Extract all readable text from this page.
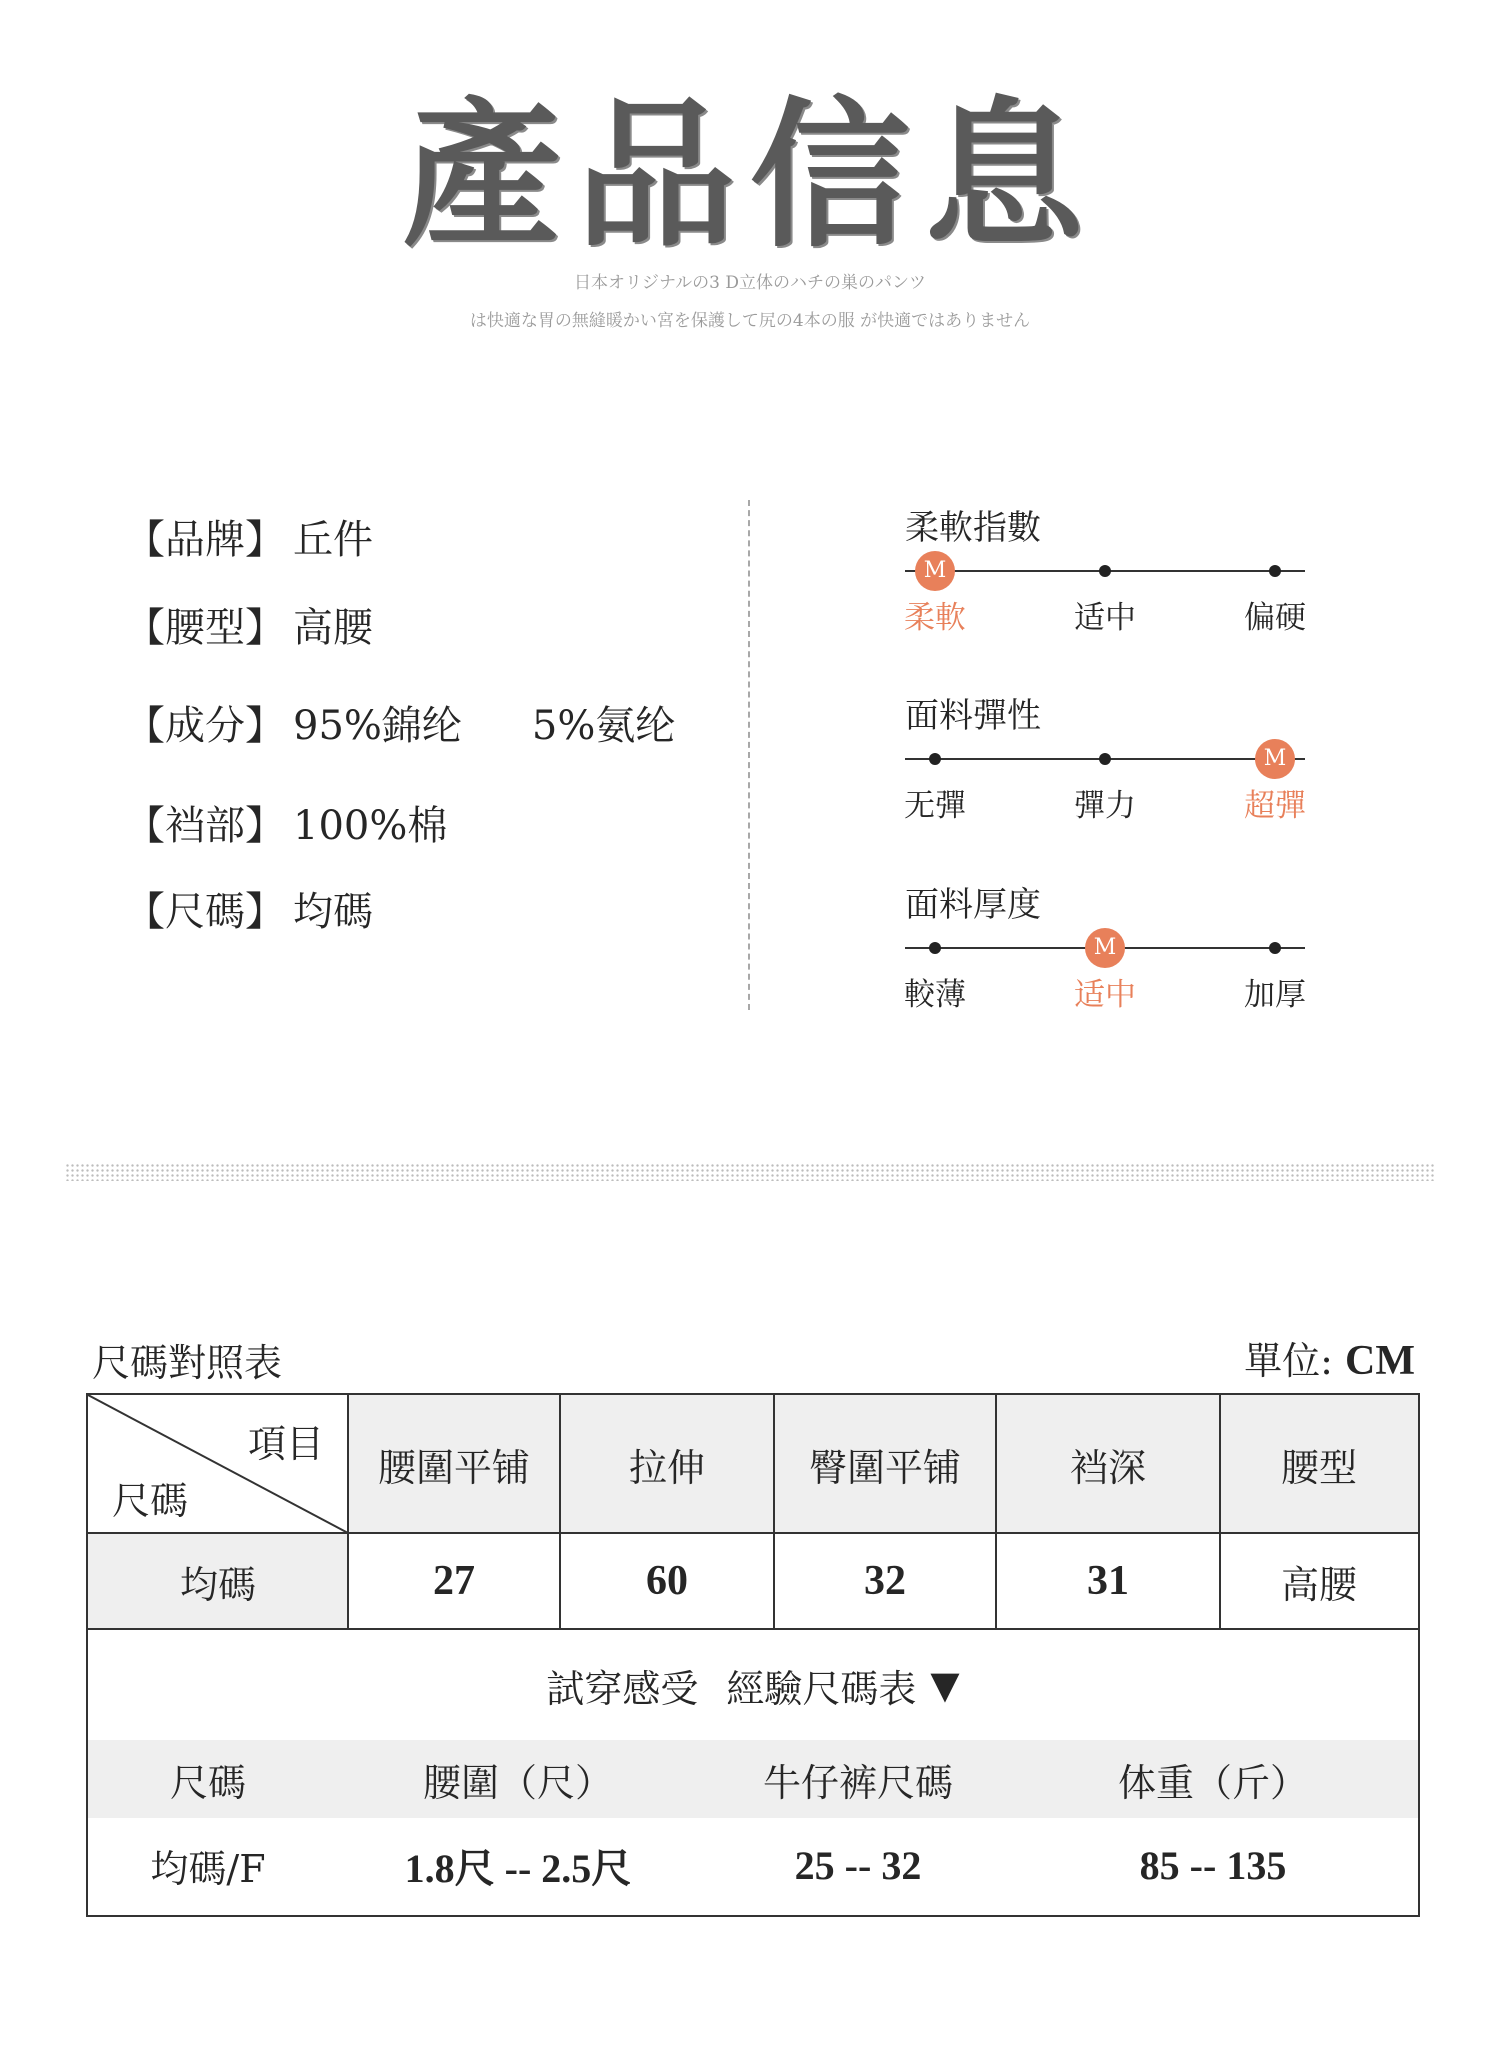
產品信息
日本オリジナルの3 D立体のハチの巣のパンツ
は快適な胃の無縫暖かい宮を保護して尻の4本の服 が快適ではありません
【品牌】 丘件
【腰型】 高腰
【成分】 95%錦纶 5%氨纶
【裆部】 100%棉
【尺碼】 均碼
柔軟指數
M
柔軟	适中	偏硬
面料彈性
无彈	彈力
M
超彈
面料厚度
較薄
M
适中	加厚
尺碼對照表	單位: CM
項目
尺碼
腰圍平铺	拉伸	臀圍平铺	裆深	腰型
均碼	27	60	32	31	高腰
試穿感受 經驗尺碼表 ▼
尺碼	腰圍（尺）	牛仔裤尺碼	体重（斤）
均碼/F	1.8尺 -- 2.5尺	25 -- 32	85 -- 135
